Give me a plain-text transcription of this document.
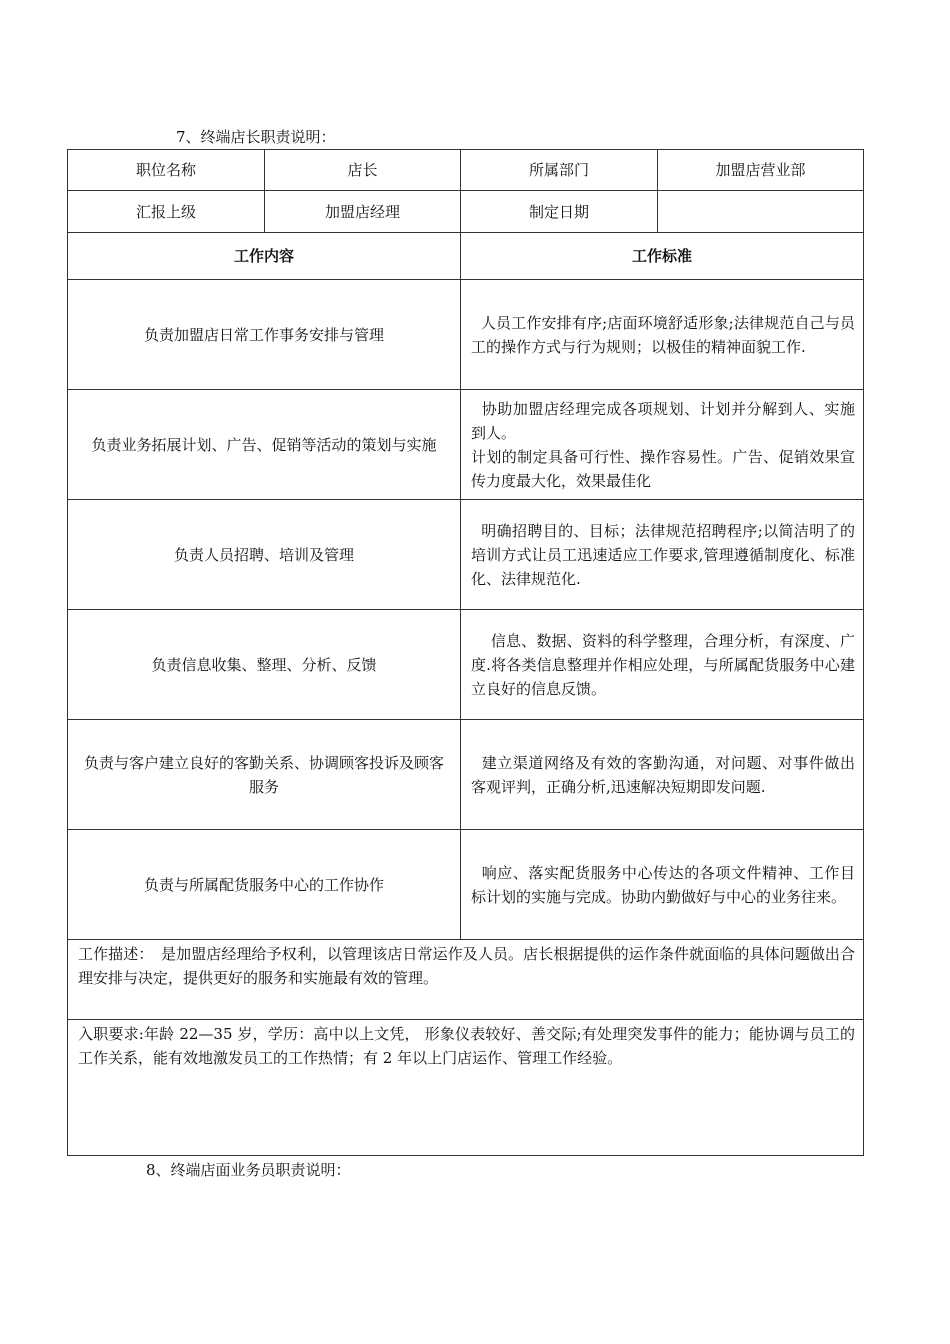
7、终端店长职责说明：
职位名称	店长	所属部门	加盟店营业部
汇报上级	加盟店经理	制定日期	
工作内容		工作标准	
负责加盟店日常工作事务安排与管理		人员工作安排有序;店面环境舒适形象;法律规范自己与员工的操作方式与行为规则；以极佳的精神面貌工作.	
负责业务拓展计划、广告、促销等活动的策划与实施		协助加盟店经理完成各项规划、计划并分解到人、实施到人。
计划的制定具备可行性、操作容易性。广告、促销效果宣传力度最大化，效果最佳化	
负责人员招聘、培训及管理		明确招聘目的、目标；法律规范招聘程序;以简洁明了的培训方式让员工迅速适应工作要求,管理遵循制度化、标准化、法律规范化.	
负责信息收集、整理、分析、反馈		信息、数据、资料的科学整理，合理分析，有深度、广度.将各类信息整理并作相应处理，与所属配货服务中心建立良好的信息反馈。	
负责与客户建立良好的客勤关系、协调顾客投诉及顾客服务		建立渠道网络及有效的客勤沟通，对问题、对事件做出客观评判，正确分析,迅速解决短期即发问题.	
负责与所属配货服务中心的工作协作		响应、落实配货服务中心传达的各项文件精神、工作目标计划的实施与完成。协助内勤做好与中心的业务往来。	
工作描述：　是加盟店经理给予权利，以管理该店日常运作及人员。店长根据提供的运作条件就面临的具体问题做出合理安排与决定，提供更好的服务和实施最有效的管理。			
入职要求:年龄 22—35 岁，学历：高中以上文凭， 形象仪表较好、善交际;有处理突发事件的能力；能协调与员工的工作关系，能有效地激发员工的工作热情；有 2 年以上门店运作、管理工作经验。			
8、终端店面业务员职责说明：
